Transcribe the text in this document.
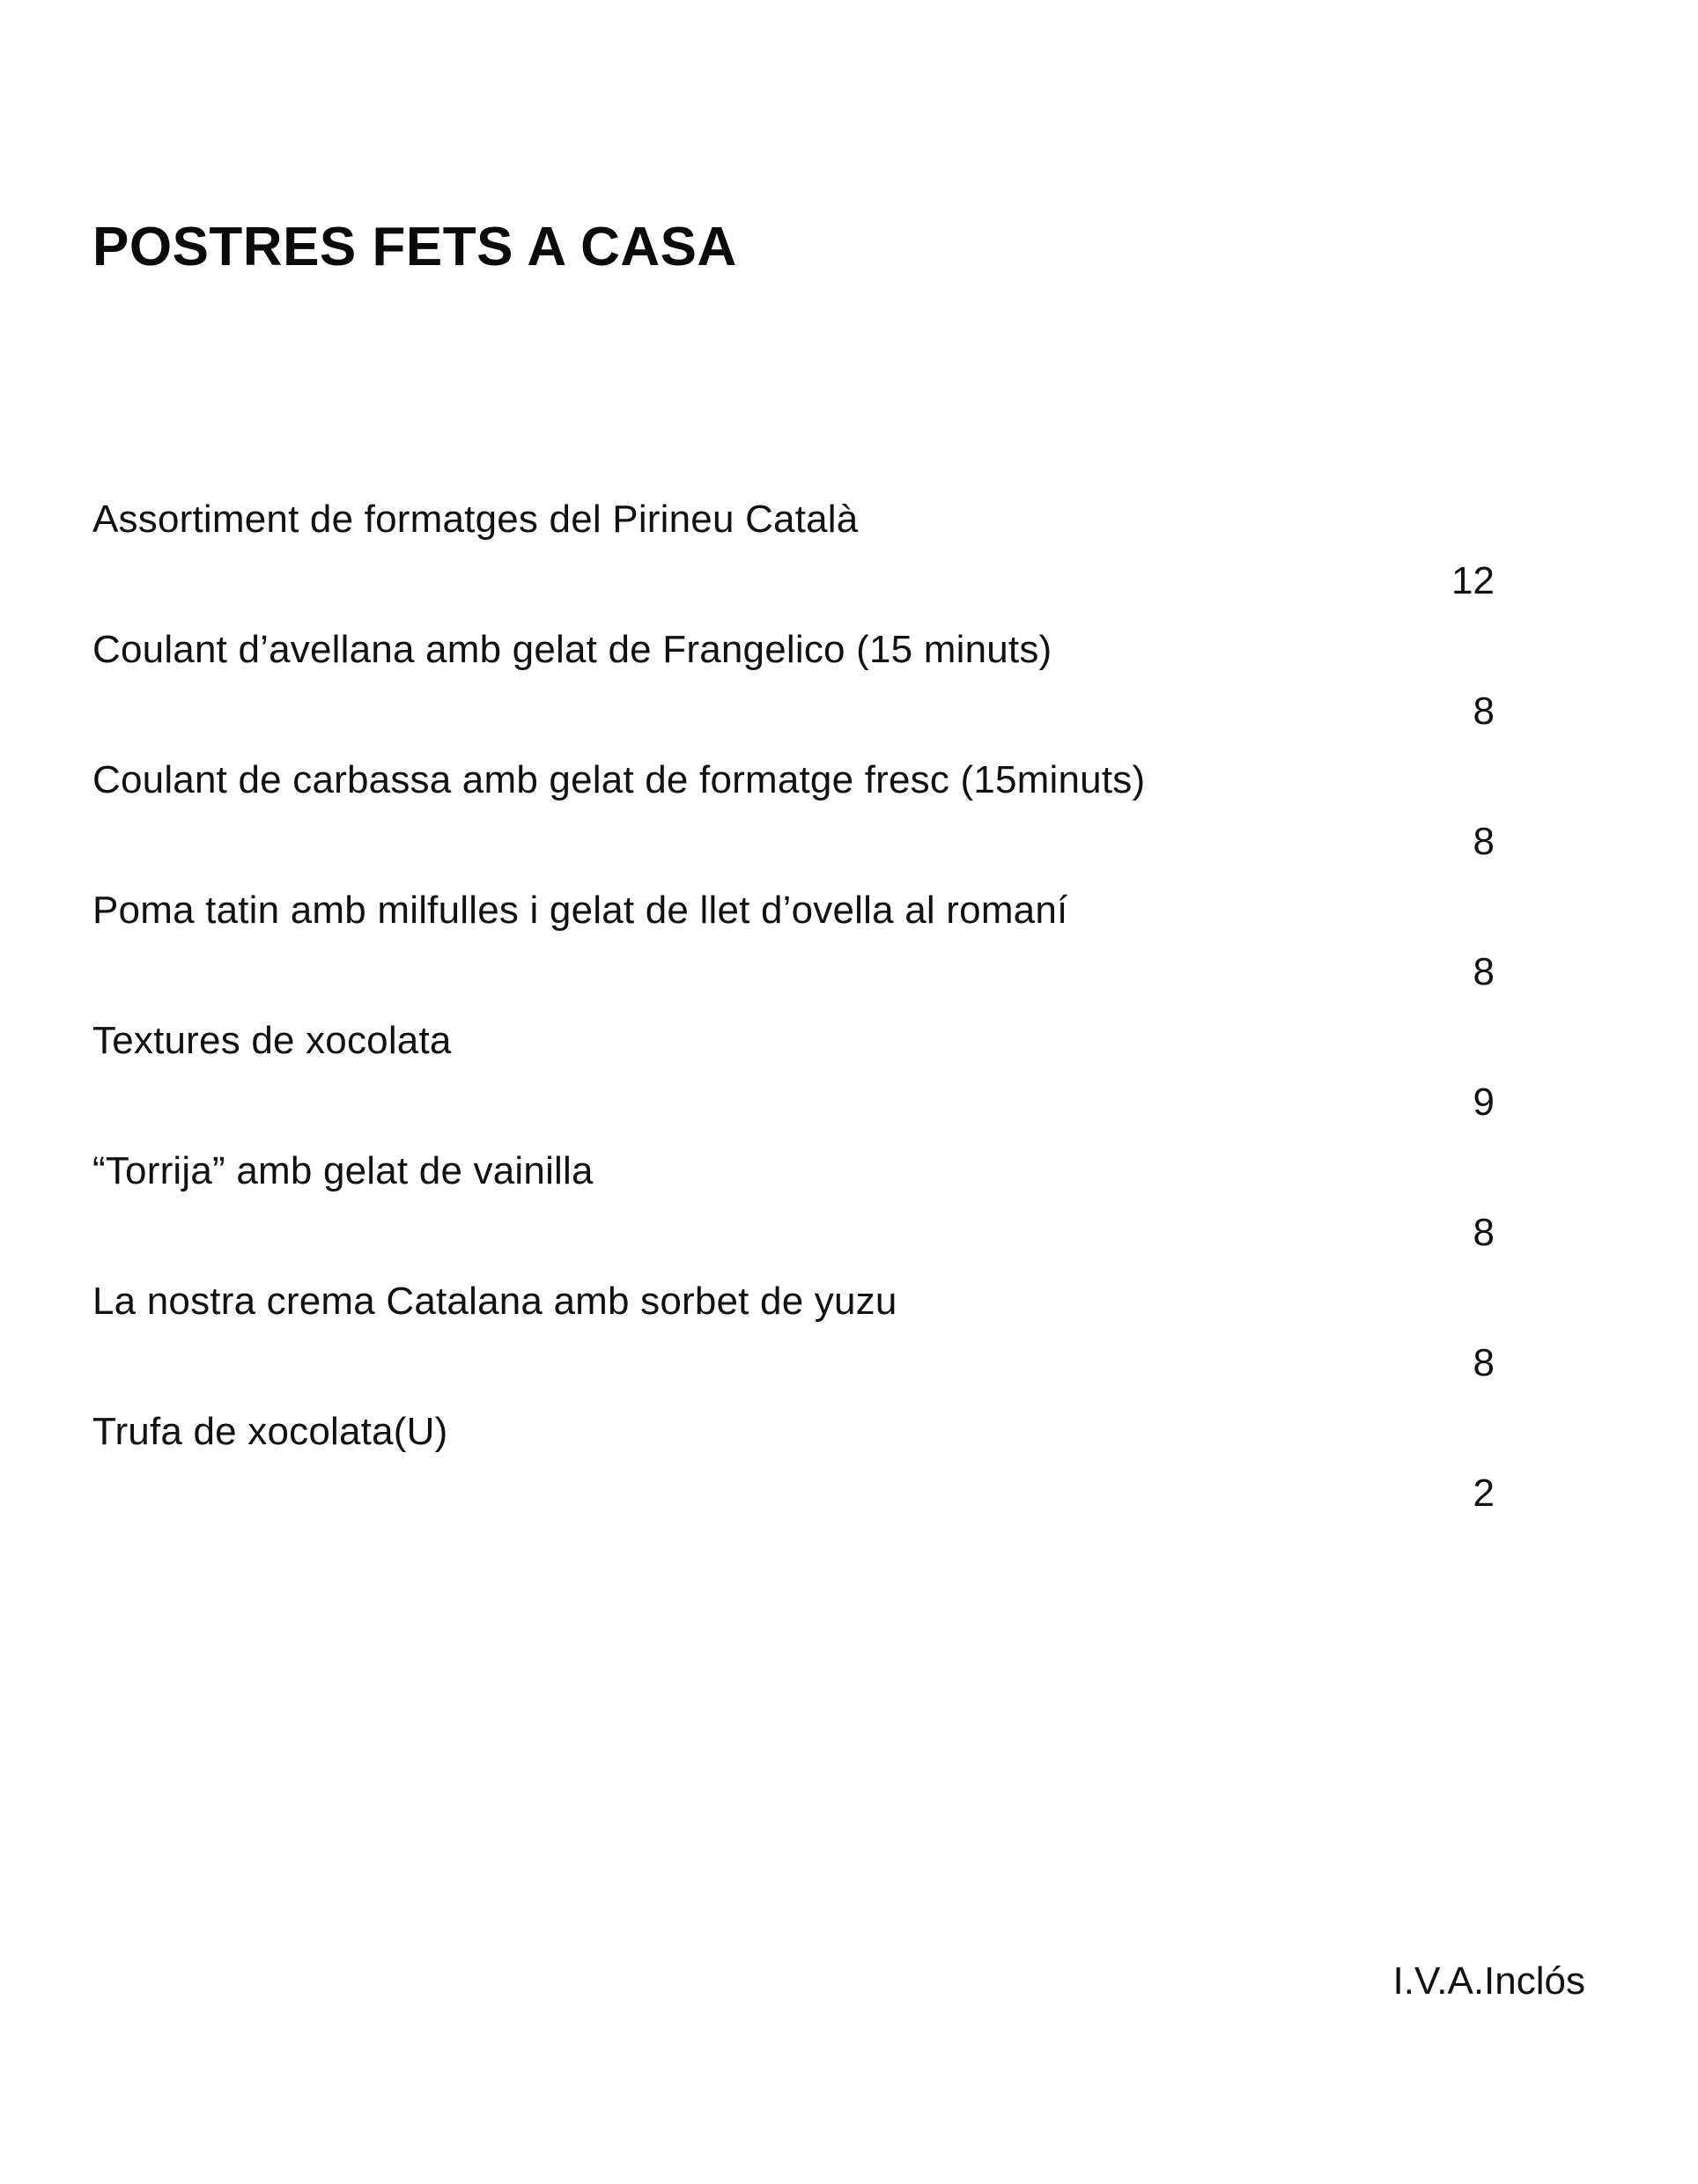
POSTRES FETS A CASA
Assortiment de formatges del Pirineu Català
12
Coulant d’avellana amb gelat de Frangelico (15 minuts)
8
Coulant de carbassa amb gelat de formatge fresc (15minuts)
8
Poma tatin amb milfulles i gelat de llet d’ovella al romaní
8
Textures de xocolata
9
“Torrija” amb gelat de vainilla
8
La nostra crema Catalana amb sorbet de yuzu
8
Trufa de xocolata(U)
2
I.V.A.Inclós
